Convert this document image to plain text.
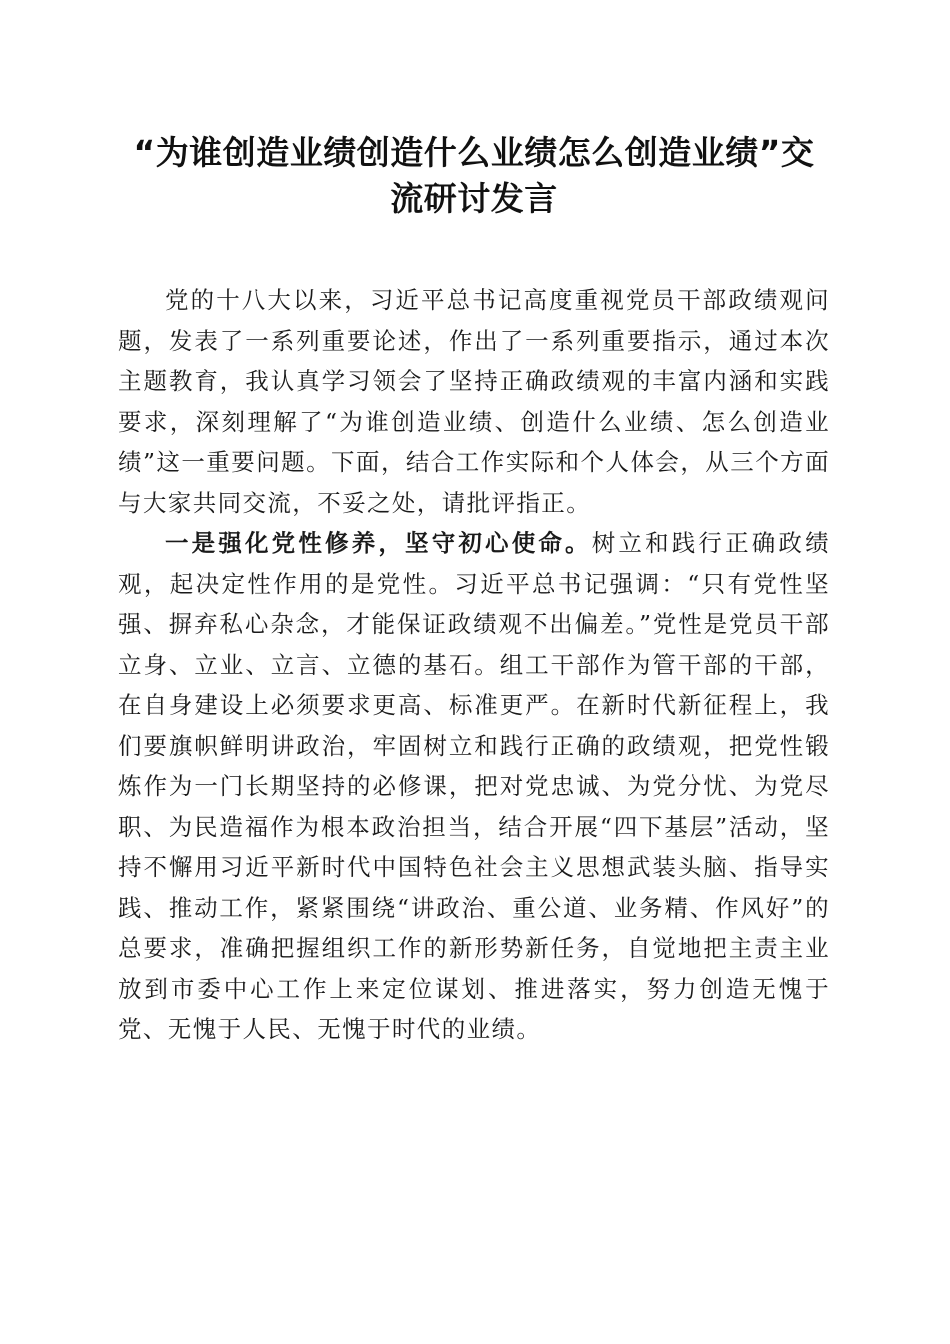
“为谁创造业绩创造什么业绩怎么创造业绩”交流研讨发言

党的十八大以来，习近平总书记高度重视党员干部政绩观问题，发表了一系列重要论述，作出了一系列重要指示，通过本次主题教育，我认真学习领会了坚持正确政绩观的丰富内涵和实践要求，深刻理解了“为谁创造业绩、创造什么业绩、怎么创造业绩”这一重要问题。下面，结合工作实际和个人体会，从三个方面与大家共同交流，不妥之处，请批评指正。

一是强化党性修养，坚守初心使命。树立和践行正确政绩观，起决定性作用的是党性。习近平总书记强调：“只有党性坚强、摒弃私心杂念，才能保证政绩观不出偏差。”党性是党员干部立身、立业、立言、立德的基石。组工干部作为管干部的干部，在自身建设上必须要求更高、标准更严。在新时代新征程上，我们要旗帜鲜明讲政治，牢固树立和践行正确的政绩观，把党性锻炼作为一门长期坚持的必修课，把对党忠诚、为党分忧、为党尽职、为民造福作为根本政治担当，结合开展“四下基层”活动，坚持不懈用习近平新时代中国特色社会主义思想武装头脑、指导实践、推动工作，紧紧围绕“讲政治、重公道、业务精、作风好”的总要求，准确把握组织工作的新形势新任务，自觉地把主责主业放到市委中心工作上来定位谋划、推进落实，努力创造无愧于党、无愧于人民、无愧于时代的业绩。
